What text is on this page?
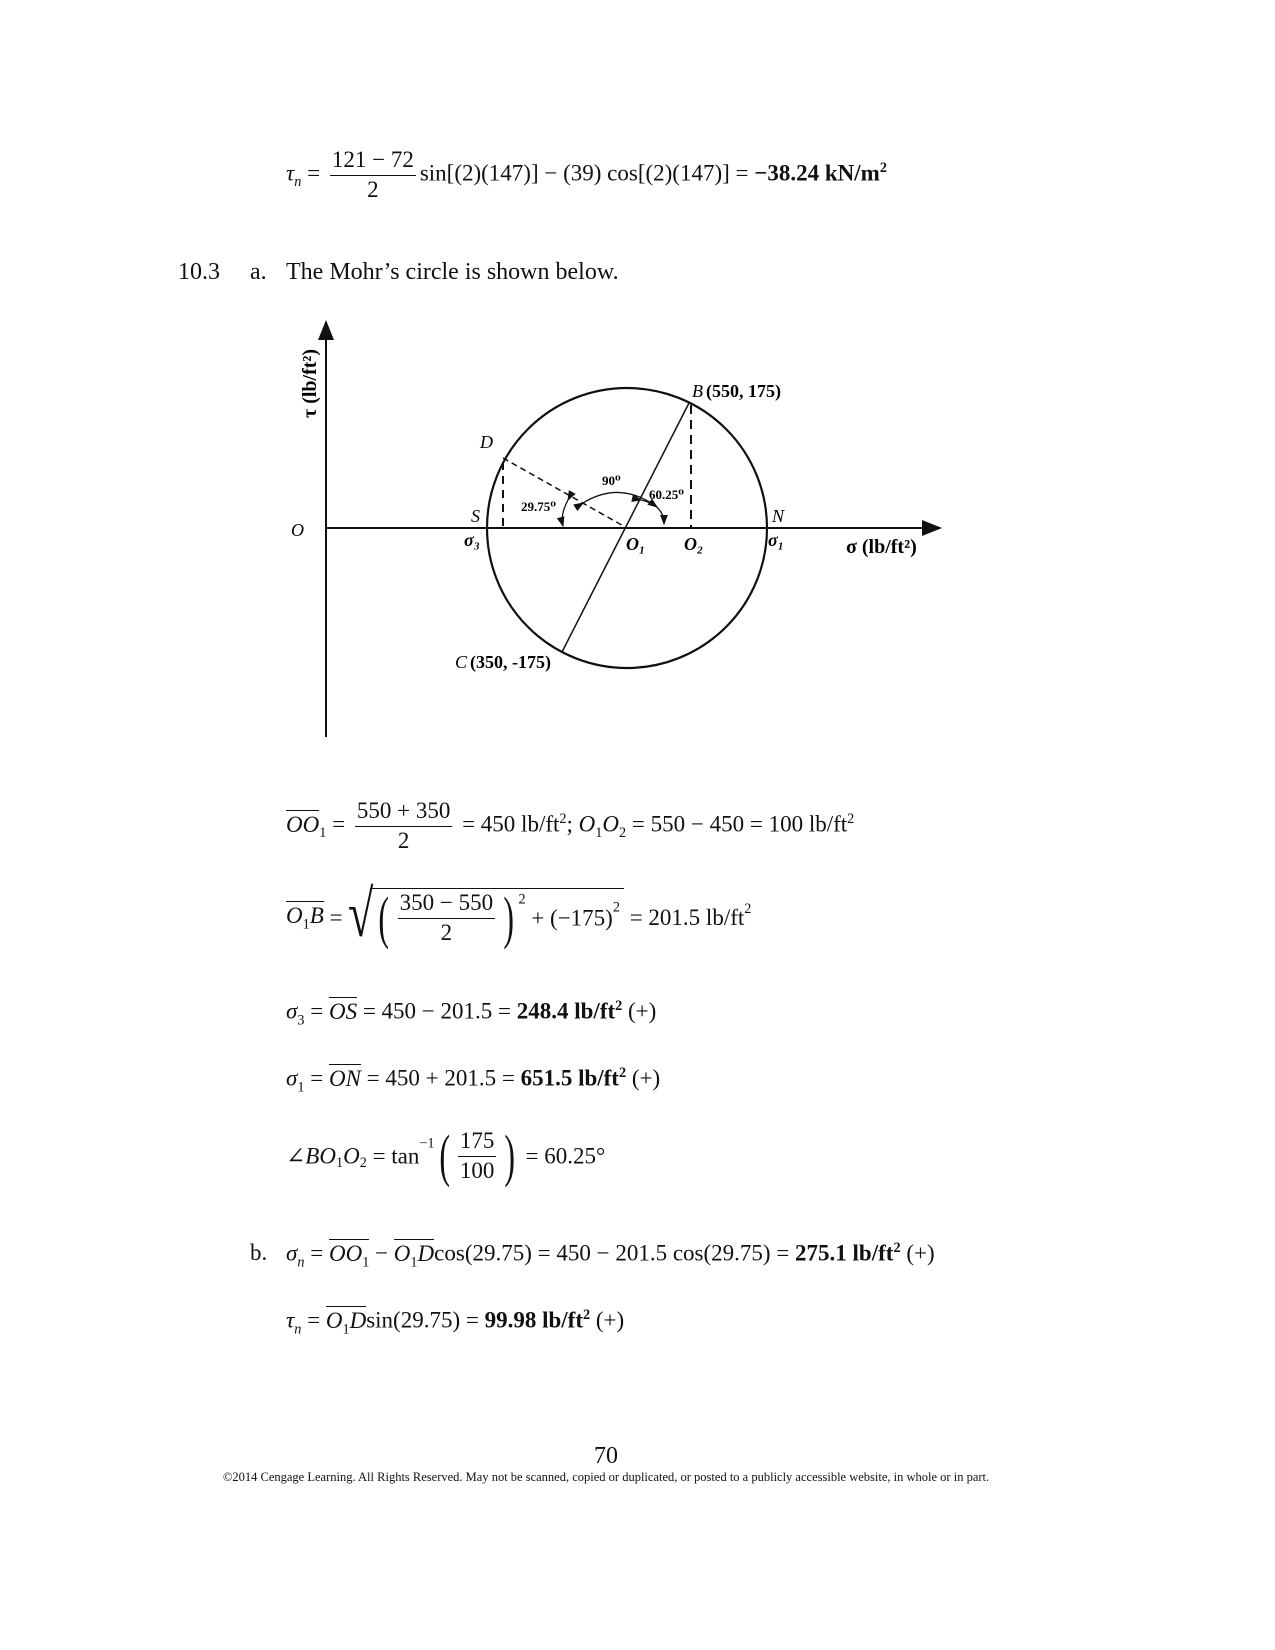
$\tau_n = \frac{121 - 72}{2} \sin[(2)(147)] - (39) \cos[(2)(147)] = -38.24$ $kN/m^2$
10.3 a. The Mohr’s circle is shown below.
τ (lb/ft²)
σ (lb/ft²)
O
B (550, 175)
C (350, -175)
D
S	N
σ₃	σ₁
O₁ O₂
90⁰
60.25⁰
29.75⁰
$OO_1 = \frac{550 + 350}{2} = 450$ $lb/ft^2$; $O_1O_2 = 550 - 450 = 100$ $lb/ft^2$
$O_1B$ = √ ( $\frac{350 - 550}{2}$ ) $^2 + (-175)^2 = 201.5$ $lb/ft^2$
$\sigma_3$ = OS = 450 − 201.5 = 248.4 $lb/ft^2$ (+)
$\sigma_1$ = ON = 450 + 201.5 = 651.5 $lb/ft^2$ (+)
$\angle BO_1O_2 = \tan^{-1}( \frac{175}{100}$ ) = 60.25°
b. $\sigma_n = OO_1 - O_1Dcos(29.75) = 450 - 201.5$ cos(29.75) = 275.1 $lb/ft^2$ (+)
$\tau_n = O_1Dsin(29.75) = 99.98$ $lb/ft^2$ (+)
70
©2014 Cengage Learning. All Rights Reserved. May not be scanned, copied or duplicated, or posted to a publicly accessible website, in whole or in part.
